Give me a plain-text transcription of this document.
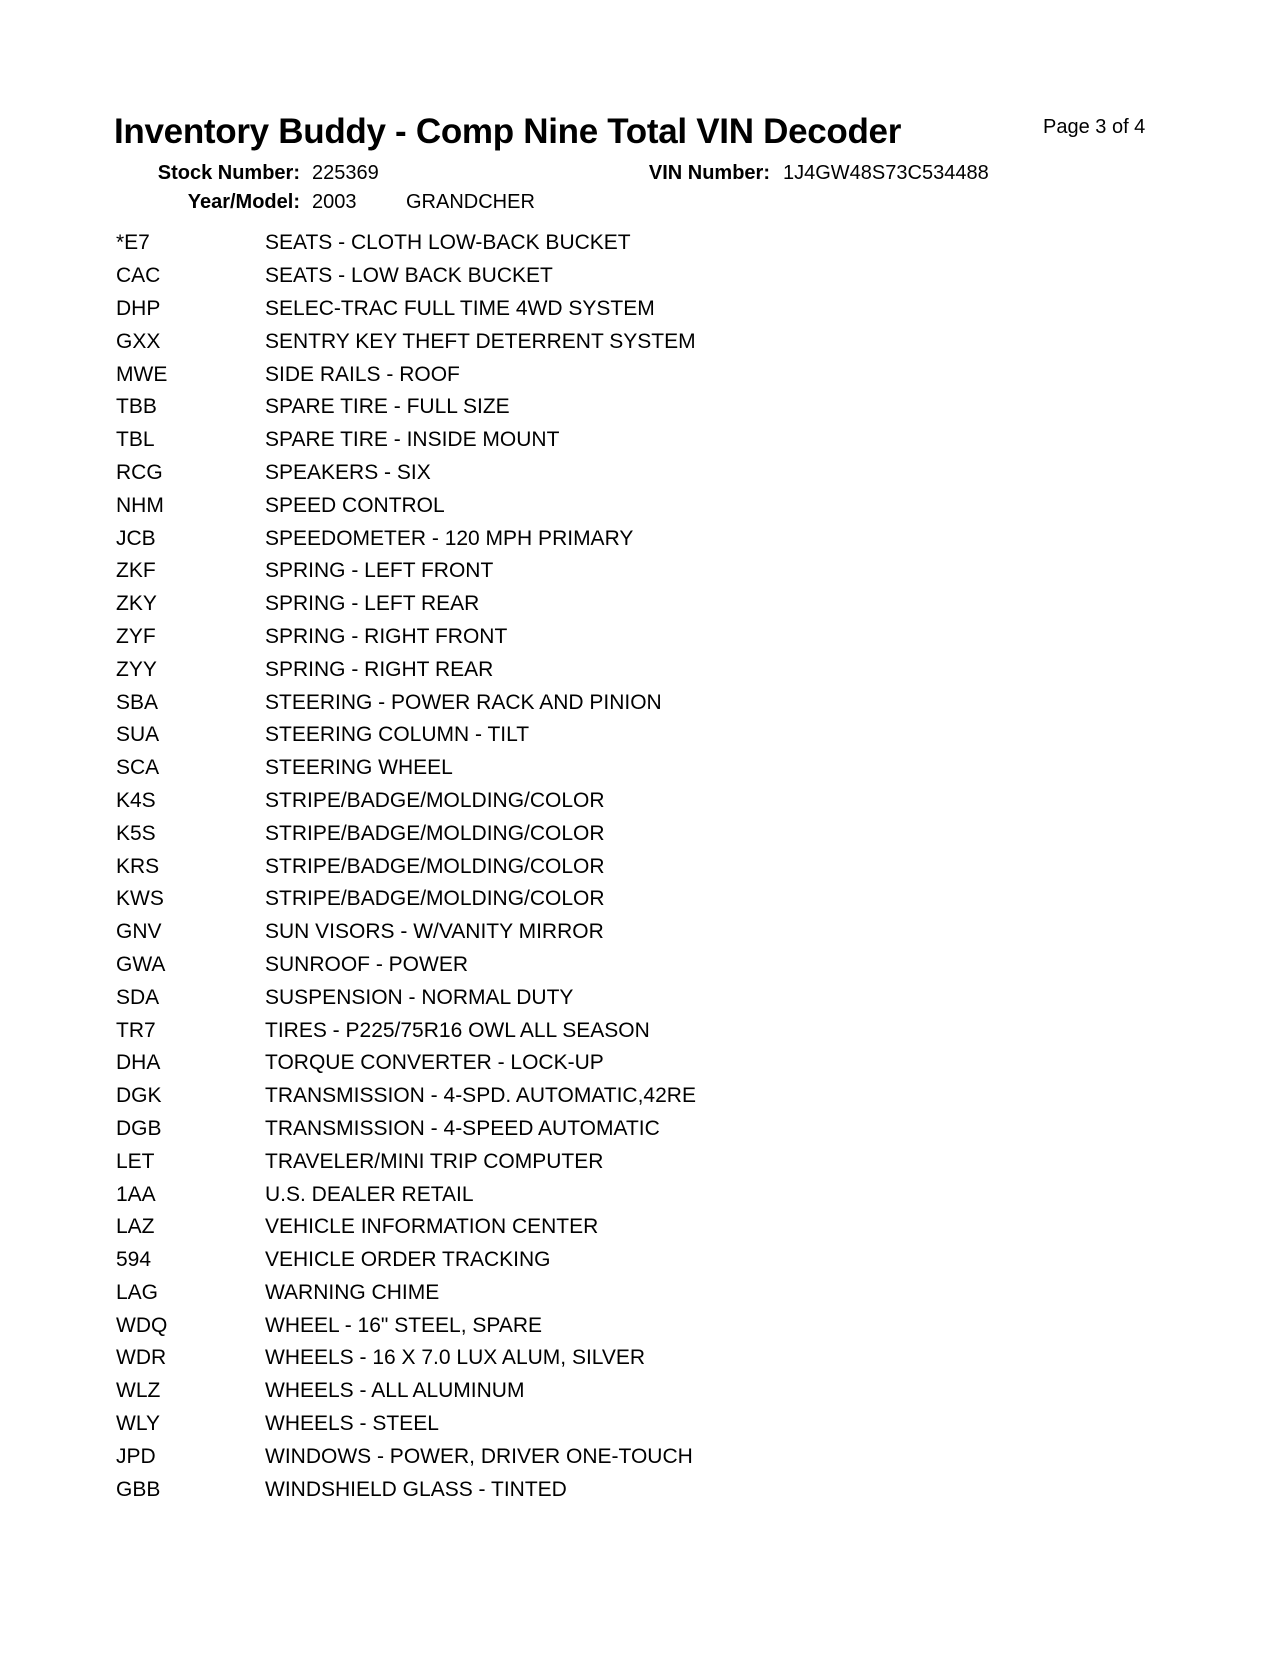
Inventory Buddy - Comp Nine Total VIN Decoder	Page 3 of 4
Stock Number: 225369	VIN Number: 1J4GW48S73C534488
Year/Model: 2003 GRANDCHER
*E7	SEATS - CLOTH LOW-BACK BUCKET
CAC	SEATS - LOW BACK BUCKET
DHP	SELEC-TRAC FULL TIME 4WD SYSTEM
GXX	SENTRY KEY THEFT DETERRENT SYSTEM
MWE	SIDE RAILS - ROOF
TBB	SPARE TIRE - FULL SIZE
TBL	SPARE TIRE - INSIDE MOUNT
RCG	SPEAKERS - SIX
NHM	SPEED CONTROL
JCB	SPEEDOMETER - 120 MPH PRIMARY
ZKF	SPRING - LEFT FRONT
ZKY	SPRING - LEFT REAR
ZYF	SPRING - RIGHT FRONT
ZYY	SPRING - RIGHT REAR
SBA	STEERING - POWER RACK AND PINION
SUA	STEERING COLUMN - TILT
SCA	STEERING WHEEL
K4S	STRIPE/BADGE/MOLDING/COLOR
K5S	STRIPE/BADGE/MOLDING/COLOR
KRS	STRIPE/BADGE/MOLDING/COLOR
KWS	STRIPE/BADGE/MOLDING/COLOR
GNV	SUN VISORS - W/VANITY MIRROR
GWA	SUNROOF - POWER
SDA	SUSPENSION - NORMAL DUTY
TR7	TIRES - P225/75R16 OWL ALL SEASON
DHA	TORQUE CONVERTER - LOCK-UP
DGK	TRANSMISSION - 4-SPD. AUTOMATIC,42RE
DGB	TRANSMISSION - 4-SPEED AUTOMATIC
LET	TRAVELER/MINI TRIP COMPUTER
1AA	U.S. DEALER RETAIL
LAZ	VEHICLE INFORMATION CENTER
594	VEHICLE ORDER TRACKING
LAG	WARNING CHIME
WDQ	WHEEL - 16" STEEL, SPARE
WDR	WHEELS - 16 X 7.0 LUX ALUM, SILVER
WLZ	WHEELS - ALL ALUMINUM
WLY	WHEELS - STEEL
JPD	WINDOWS - POWER, DRIVER ONE-TOUCH
GBB	WINDSHIELD GLASS - TINTED
